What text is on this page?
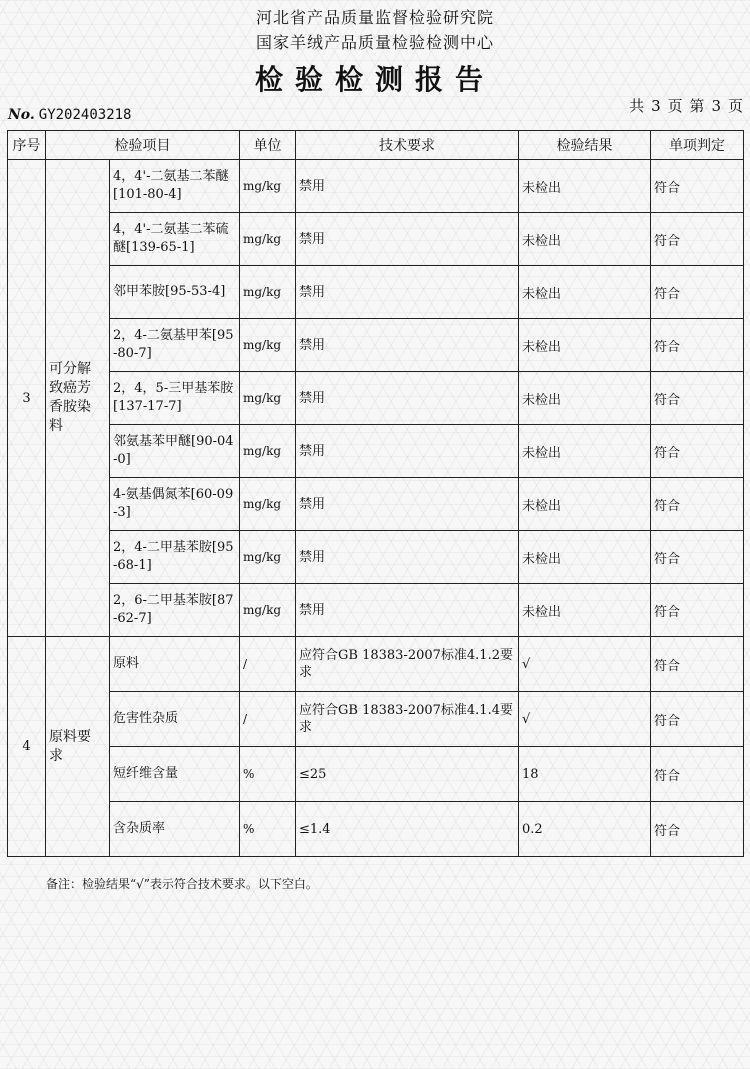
河北省产品质量监督检验研究院
国家羊绒产品质量检验检测中心
检验检测报告
No. GY202403218	共 3 页 第 3 页
序号	检验项目		单位	技术要求	检验结果	单项判定
3	可分解致癌芳香胺染料	4，4'-二氨基二苯醚[101-80-4]	mg/kg	禁用	未检出	符合
		4，4'-二氨基二苯硫醚[139-65-1]	mg/kg	禁用	未检出	符合
		邻甲苯胺[95-53-4]	mg/kg	禁用	未检出	符合
		2，4-二氨基甲苯[95-80-7]	mg/kg	禁用	未检出	符合
		2，4，5-三甲基苯胺[137-17-7]	mg/kg	禁用	未检出	符合
		邻氨基苯甲醚[90-04-0]	mg/kg	禁用	未检出	符合
		4-氨基偶氮苯[60-09-3]	mg/kg	禁用	未检出	符合
		2，4-二甲基苯胺[95-68-1]	mg/kg	禁用	未检出	符合
		2，6-二甲基苯胺[87-62-7]	mg/kg	禁用	未检出	符合
4	原料要求	原料	/	应符合GB 18383-2007标准4.1.2要求	√	符合
		危害性杂质	/	应符合GB 18383-2007标准4.1.4要求	√	符合
		短纤维含量	%	≤25	18	符合
		含杂质率	%	≤1.4	0.2	符合
备注：检验结果“√”表示符合技术要求。以下空白。
